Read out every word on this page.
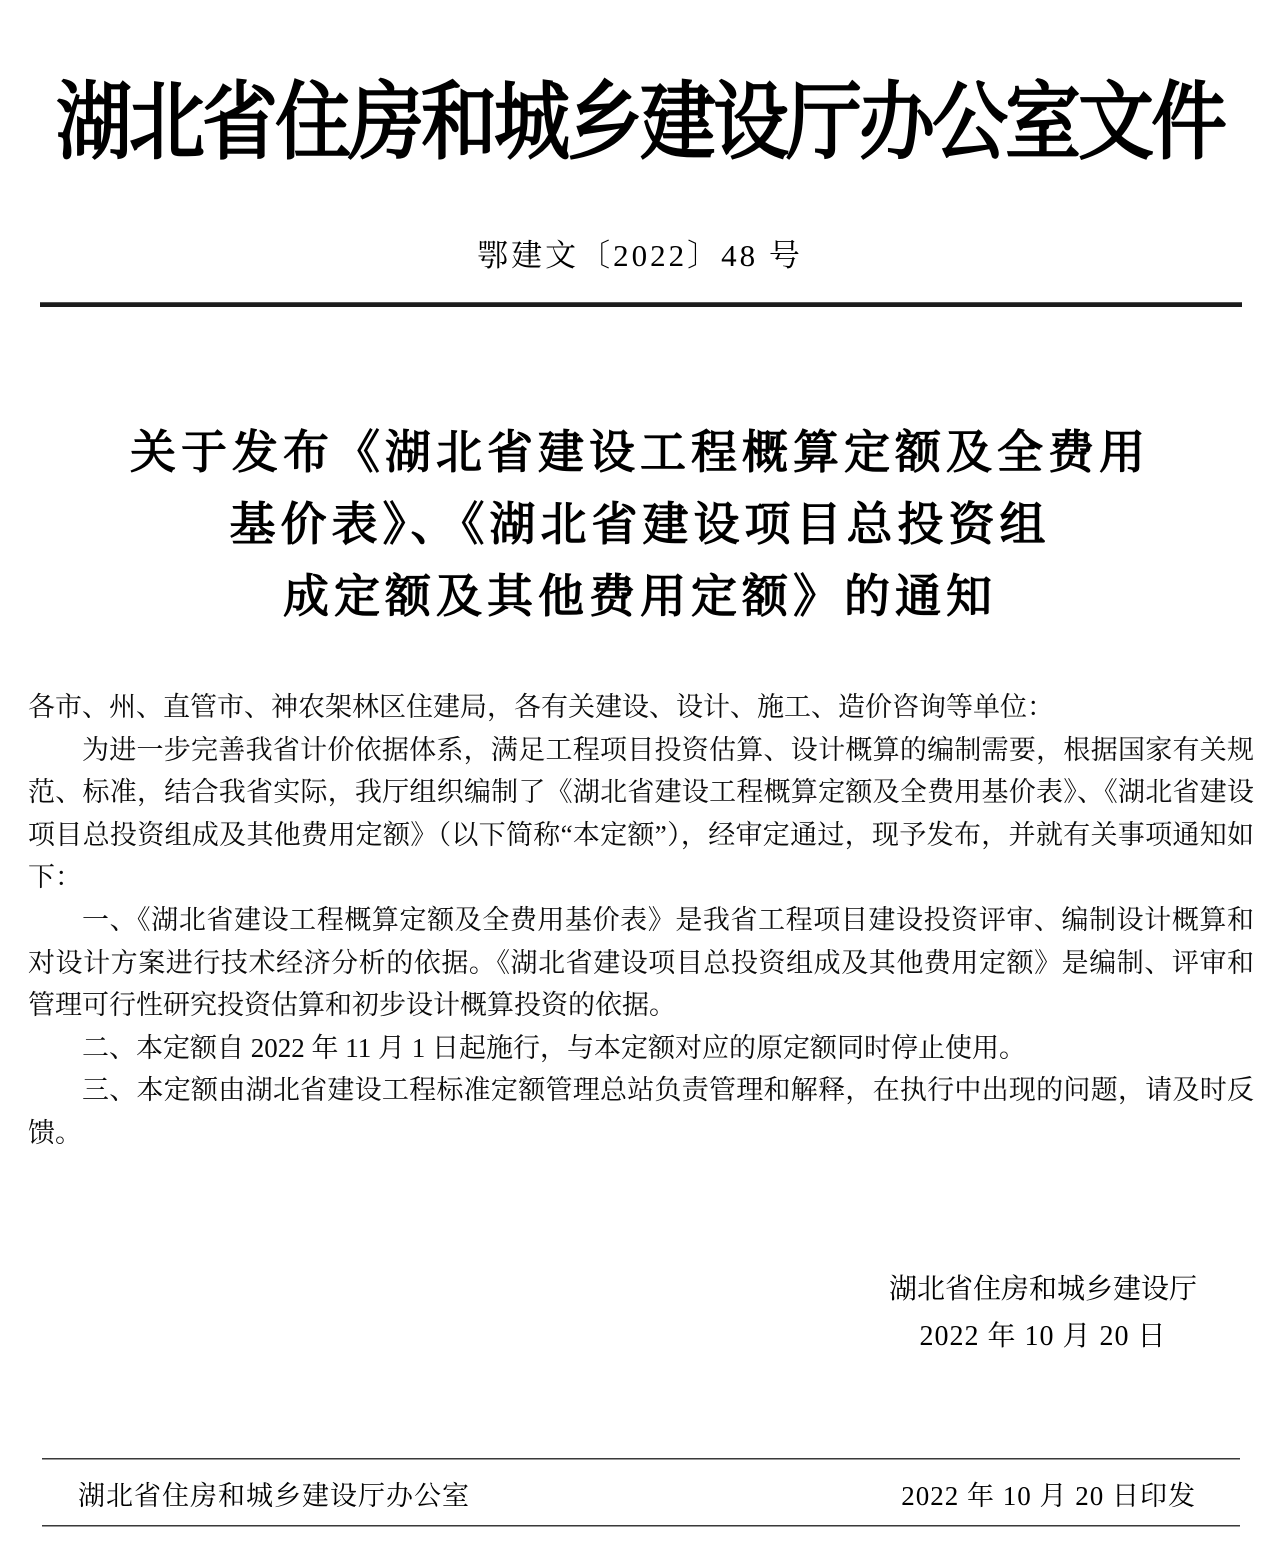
湖北省住房和城乡建设厅办公室文件
鄂建文〔2022〕48 号
关于发布《湖北省建设工程概算定额及全费用
基价表》、《湖北省建设项目总投资组
成定额及其他费用定额》的通知

各市、州、直管市、神农架林区住建局，各有关建设、设计、施工、造价咨询等单位：

为进一步完善我省计价依据体系，满足工程项目投资估算、设计概算的编制需要，根据国家有关规范、标准，结合我省实际，我厅组织编制了《湖北省建设工程概算定额及全费用基价表》、《湖北省建设项目总投资组成及其他费用定额》（以下简称“本定额”），经审定通过，现予发布，并就有关事项通知如下：

一、《湖北省建设工程概算定额及全费用基价表》是我省工程项目建设投资评审、编制设计概算和对设计方案进行技术经济分析的依据。《湖北省建设项目总投资组成及其他费用定额》是编制、评审和管理可行性研究投资估算和初步设计概算投资的依据。

二、本定额自 2022 年 11 月 1 日起施行，与本定额对应的原定额同时停止使用。

三、本定额由湖北省建设工程标准定额管理总站负责管理和解释，在执行中出现的问题，请及时反馈。

湖北省住房和城乡建设厅
2022 年 10 月 20 日
湖北省住房和城乡建设厅办公室	2022 年 10 月 20 日印发
